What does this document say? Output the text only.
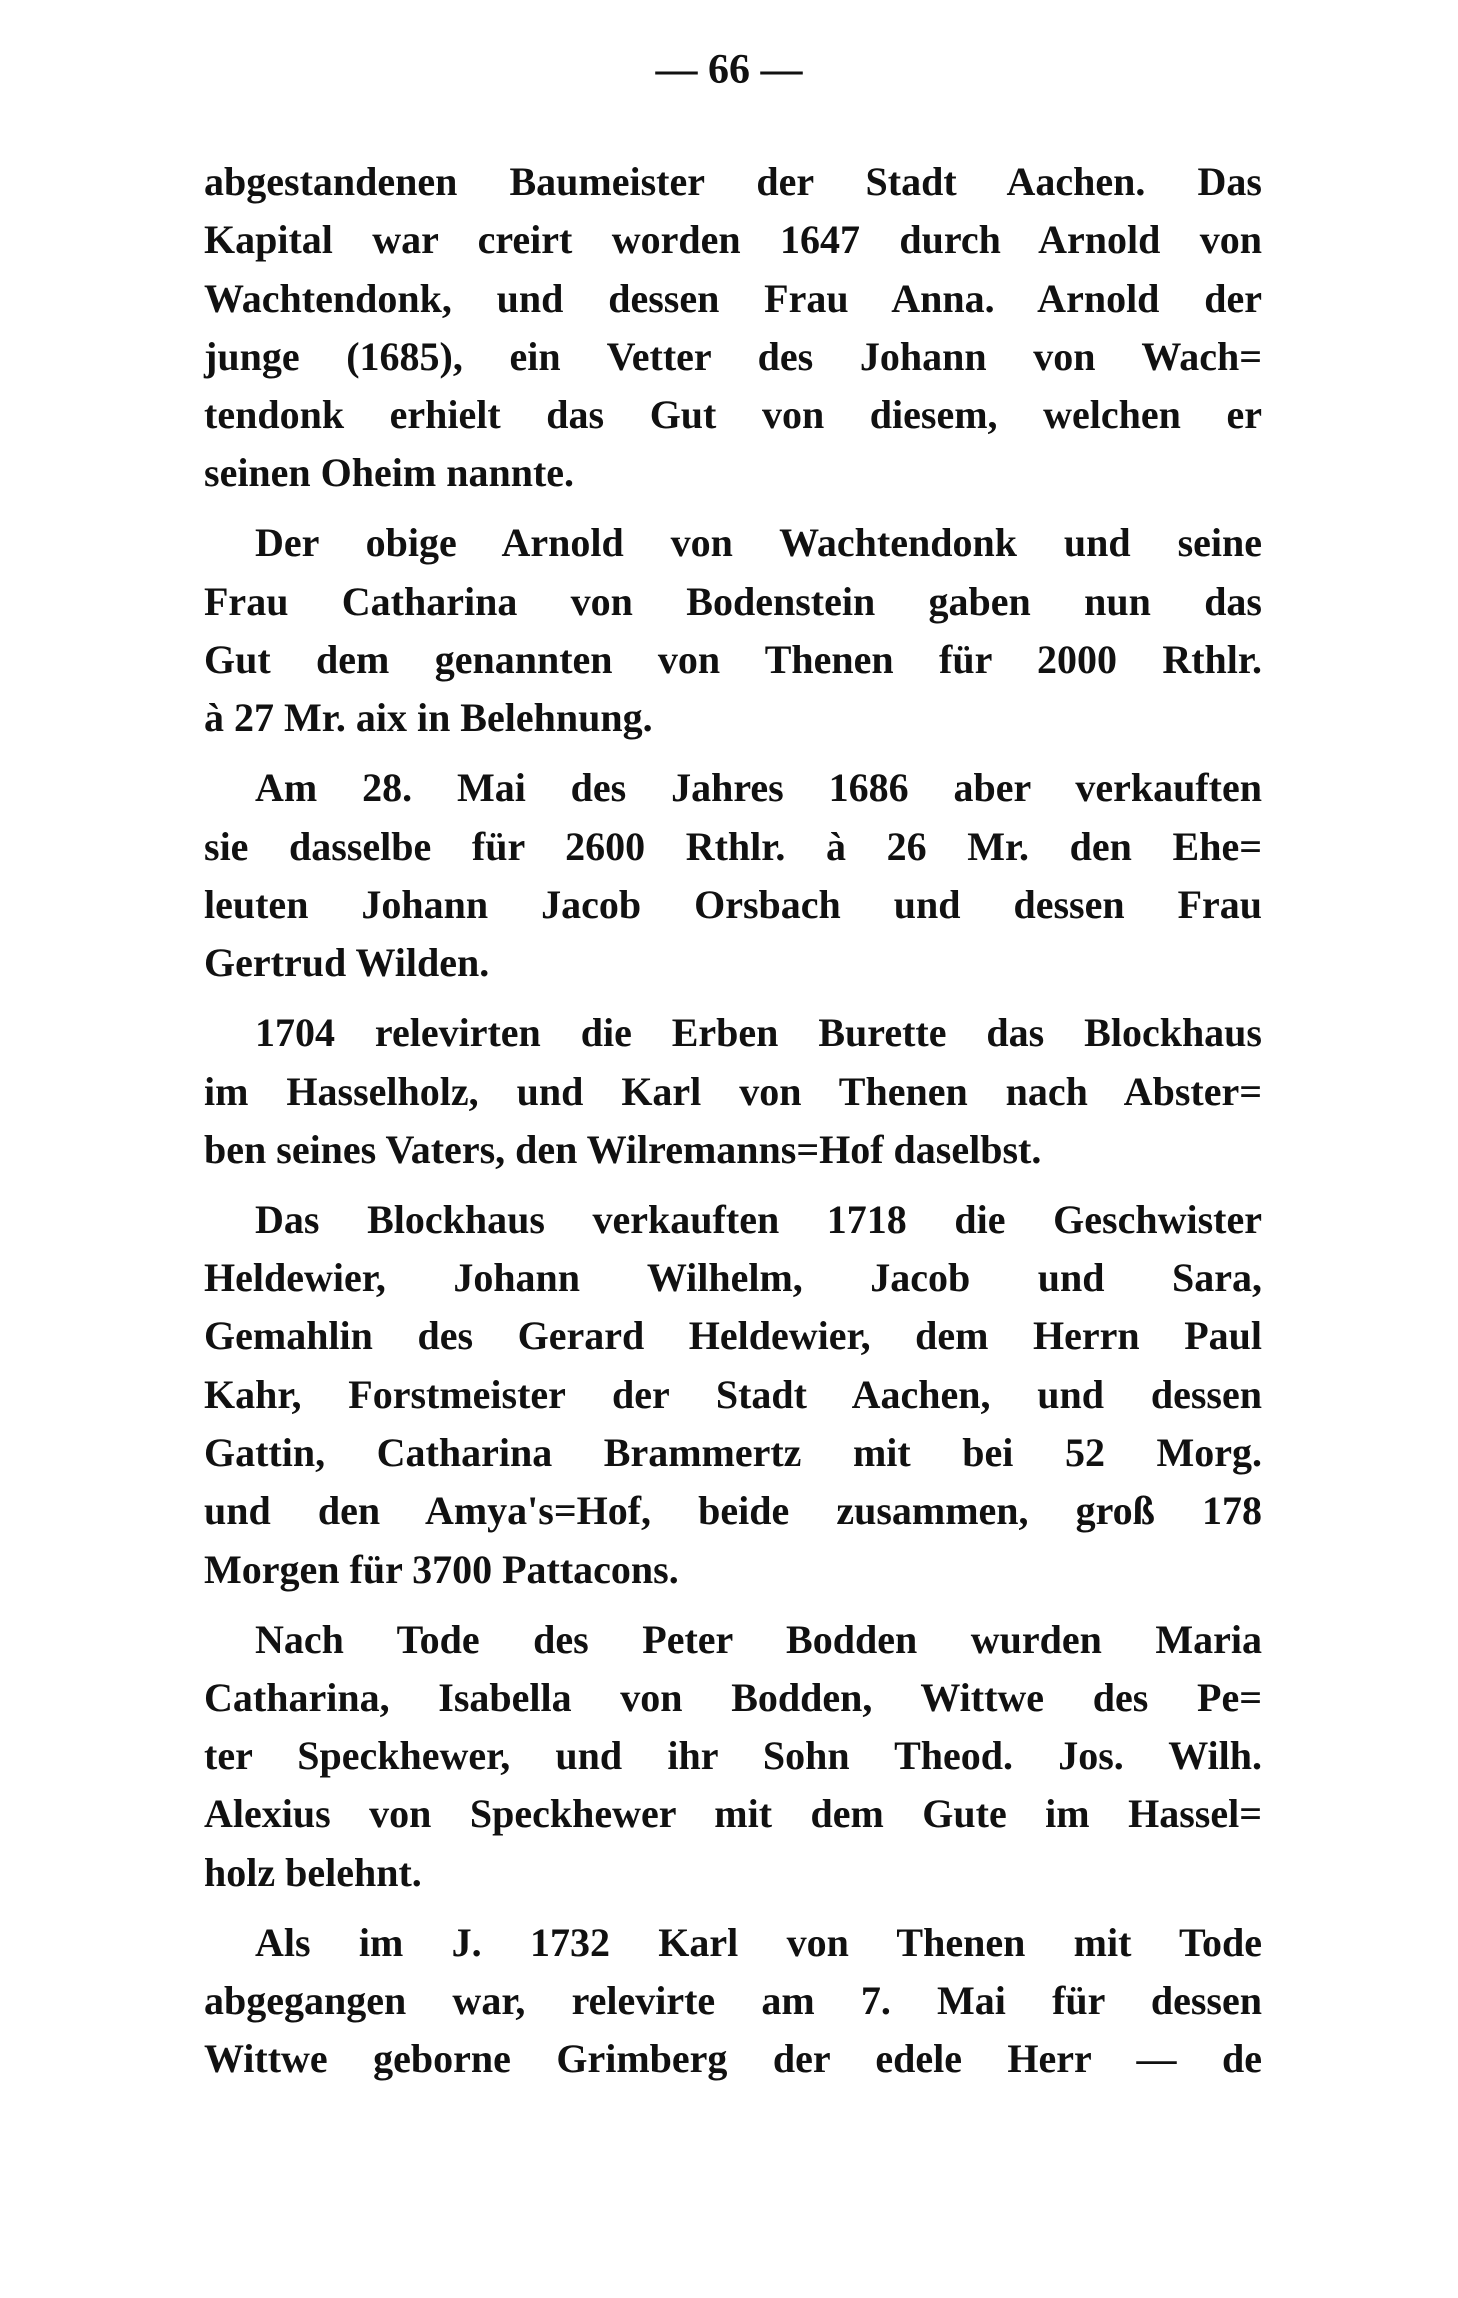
— 66 —
abgestandenen Baumeister der Stadt Aachen. Das
Kapital war creirt worden 1647 durch Arnold von
Wachtendonk, und dessen Frau Anna. Arnold der
junge (1685), ein Vetter des Johann von Wach=
tendonk erhielt das Gut von diesem, welchen er
seinen Oheim nannte.
Der obige Arnold von Wachtendonk und seine
Frau Catharina von Bodenstein gaben nun das
Gut dem genannten von Thenen für 2000 Rthlr.
à 27 Mr. aix in Belehnung.
Am 28. Mai des Jahres 1686 aber verkauften
sie dasselbe für 2600 Rthlr. à 26 Mr. den Ehe=
leuten Johann Jacob Orsbach und dessen Frau
Gertrud Wilden.
1704 relevirten die Erben Burette das Blockhaus
im Hasselholz, und Karl von Thenen nach Abster=
ben seines Vaters, den Wilremanns=Hof daselbst.
Das Blockhaus verkauften 1718 die Geschwister
Heldewier, Johann Wilhelm, Jacob und Sara,
Gemahlin des Gerard Heldewier, dem Herrn Paul
Kahr, Forstmeister der Stadt Aachen, und dessen
Gattin, Catharina Brammertz mit bei 52 Morg.
und den Amya's=Hof, beide zusammen, groß 178
Morgen für 3700 Pattacons.
Nach Tode des Peter Bodden wurden Maria
Catharina, Isabella von Bodden, Wittwe des Pe=
ter Speckhewer, und ihr Sohn Theod. Jos. Wilh.
Alexius von Speckhewer mit dem Gute im Hassel=
holz belehnt.
Als im J. 1732 Karl von Thenen mit Tode
abgegangen war, relevirte am 7. Mai für dessen
Wittwe geborne Grimberg der edele Herr — de
